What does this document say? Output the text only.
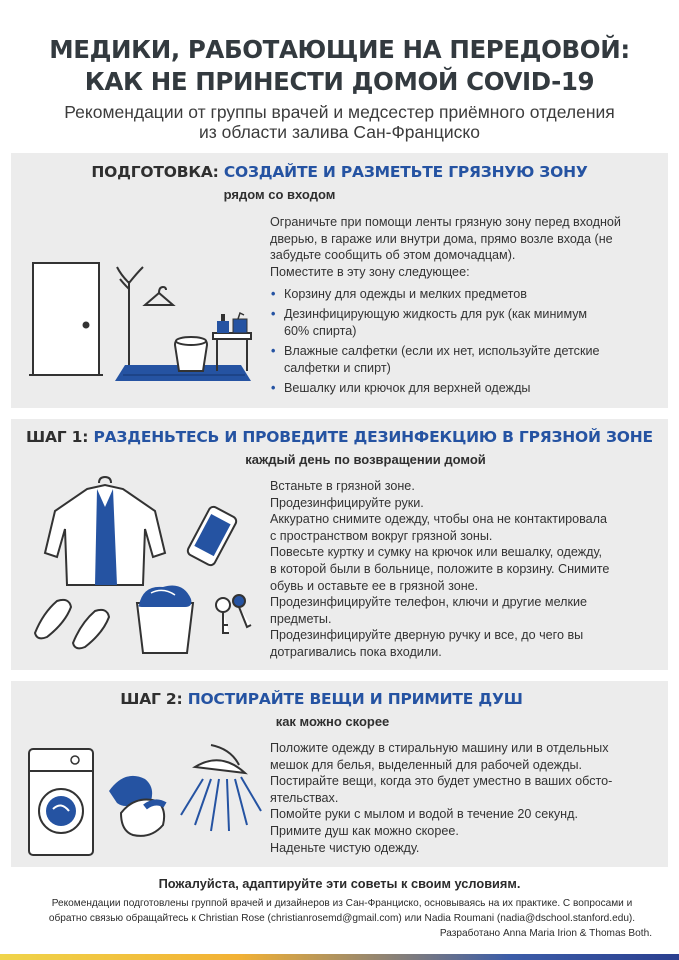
МЕДИКИ, РАБОТАЮЩИЕ НА ПЕРЕДОВОЙ:
КАК НЕ ПРИНЕСТИ ДОМОЙ COVID-19
Рекомендации от группы врачей и медсестер приёмного отделения
из области залива Сан-Франциско
ПОДГОТОВКА: СОЗДАЙТЕ И РАЗМЕТЬТЕ ГРЯЗНУЮ ЗОНУ
рядом со входом

Ограничьте при помощи ленты грязную зону перед входной

дверью, в гараже или внутри дома, прямо возле входа (не

забудьте сообщить об этом домочадцам).

Поместите в эту зону следующее:

• Корзину для одежды и мелких предметов
• Дезинфицирующую жидкость для рук (как минимум
60% спирта)
• Влажные салфетки (если их нет, используйте детские
салфетки и спирт)
• Вешалку или крючок для верхней одежды
ШАГ 1: РАЗДЕНЬТЕСЬ И ПРОВЕДИТЕ ДЕЗИНФЕКЦИЮ В ГРЯЗНОЙ ЗОНЕ
каждый день по возвращении домой

Встаньте в грязной зоне.

Продезинфицируйте руки.

Аккуратно снимите одежду, чтобы она не контактировала

с пространством вокруг грязной зоны.

Повесьте куртку и сумку на крючок или вешалку, одежду,

в которой были в больнице, положите в корзину. Снимите

обувь и оставьте ее в грязной зоне.

Продезинфицируйте телефон, ключи и другие мелкие

предметы.

Продезинфицируйте дверную ручку и все, до чего вы

дотрагивались пока входили.

ШАГ 2: ПОСТИРАЙТЕ ВЕЩИ И ПРИМИТЕ ДУШ
как можно скорее

Положите одежду в стиральную машину или в отдельных

мешок для белья, выделенный для рабочей одежды.

Постирайте вещи, когда это будет уместно в ваших обсто-

ятельствах.

Помойте руки с мылом и водой в течение 20 секунд.

Примите душ как можно скорее.

Наденьте чистую одежду.

Пожалуйста, адаптируйте эти советы к своим условиям.
Рекомендации подготовлены группой врачей и дизайнеров из Сан-Франциско, основываясь на их практике. С вопросами и
обратно связью обращайтесь к Christian Rose (christianrosemd@gmail.com) или Nadia Roumani (nadia@dschool.stanford.edu).
Разработано Anna Maria Irion & Thomas Both.
